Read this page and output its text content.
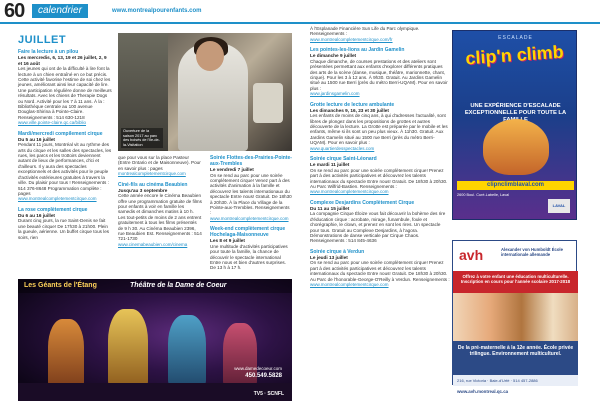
60	calendrier	www.montrealpourenfants.com
JUILLET
Faire la lecture à un pilou
Les mercredis, 6, 13, 19 et 26 juillet, 2, 9 et 16 août
Les jeunes qui ont de la difficulté à lire font la lecture à un chien entraîné en ce but précis. Cette activité favorise l'estime de soi chez les jeunes, améliorant ainsi leur capacité de lire. Une participation régulière donne de meilleurs résultats. Avec les chiens de Therapie Dogs ou Nord. Activité pour les 7 à 11 ans. À la : Bibliothèque centrale au 100 avenue Douglas-Shirina à Pointe-Claire. Renseignements : 514 630-1218
www.ville.pointe-claire.qc.ca/biblio
Mardi/mercredi compilement cirque
Du 5 au 16 juillet
Pendant 11 jours, Montréal vit au rythme des arts du cirque et les salles des spectacles, les rues, les parcs et les trottoirs deviennent autant de lieux de performances, d'ici et d'ailleurs. Il y aura des spectacles exceptionnels et des activités pour le peuple d'activités extérieures gratuites à travers la ville. Du plaisir pour tous ! Renseignements : 514 376-8648 Programmation complète : pages
www.montrealcompletementcirque.com
La rose complètement cirque
Du 6 au 16 juillet
Durant cinq jours, la rue Saint-Denis se fait une beauté cirque! De 17h30 à 21h00. Plein la gueule, aérienne. Un buffet cirque tous les soirs, rien
Ouverture de la saison 2017 au parc des boisés de l'île-de-la-Visitation
que pour vous sur la place Pasteur (Entre Ontario et de Maisonneuve). Pour en savoir plus : pages
montrealcompletementcirque.com
Ciné-fils au cinéma Beaubien
Jusqu'au 3 septembre
Cette année encore le Cinéma Beaubien offre une programmation gratuite de films pour enfants à voir en famille les samedis et dimanches matins à 10 h. Les tout-petits de moins de 2 ans entrent gratuitement à tous les films présentés de 9 h 30. Au Cinéma Beaubien 2396, rue Beaubien Est. Renseignements : 514 721-1730
www.cinemabeaubien.com/cinema
Soirée Flottes-des-Prairies-Pointe-aux-Trembles
Le vendredi 7 juillet
On se rend au parc pour une soirée complètement cirque! Venez part à des activités d'animation à la famille et découvrez les talents internationaux du spectacle Entre nous! Gratuit. De 18h30 à 20h30. À la Place du Village de la Pointe-aux-Trembles. Renseignements :
www.montrealcompletementcirque.com
Week-end complètement cirque Hochelaga-Maisonneuve
Les 8 et 9 juillet
Une multitude d'activités participatives pour toute la famille, la chance de découvrir le spectacle international Entre nous et bien d'autres surprises. De 13 h à 17 h.
Les Géants de l'Étang	Théâtre de la Dame de Coeur
www.damedecoeur.com
450.549.5828
TV5 · SCNFL
À l'Esplanade Financière Sun Life du Parc olympique. Renseignements :
www.montrealcompletementcirque.com/fr
Les pointes-les-lions au Jardin Gamelin
Le dimanche 9 juillet
Chaque dimanche, de courses prestations et des ateliers sont présentées permettant aux enfants d'explorer différents pratiques des arts de la scène (danse, musique, théâtre, marionnette, chant, cirque). Pour les 3 à 12 ans. À 9h30. Gratuit. Au Jardins Gamelin situé au 1500 rue Berri (près du métro Berri-UQAM). Pour en savoir plus :
www.jardinsgamelin.com
Grotte lecture de lecture ambulante
Les dimanches 9, 16, 23 et 30 juillet
Les enfants de moins de cinq ans, à qui d'adresses l'actualité, sont libres de plongez dans les propositions de grottes et autres découverte de la lecture. La Grotte est préparée par le mobile et les enfants, même si ils sont un peu plus vieux. À 11h30. Gratuit. Aux Jardins Gamelin situé au 1500 rue Berri (près du métro Berri-UQAM). Pour en savoir plus :
www.quartierdesspectacles.com
Soirée cirque Saint-Léonard
Le mardi 11 juillet
On se rend au parc pour une soirée complètement cirque! Prenez part à des activités participatives et découvrez les talents internationaux du spectacle Entre nous! Gratuit. De 18h30 à 20h30. Au Parc Wilfrid-Bastien. Renseignements :
www.montrealcompletementcirque.com
Complexe Desjardins Complètement Cirque
Du 11 au 15 juillet
La compagnie Cirque Éloize vous fait découvrir la bohème des rire d'éducation cirque : acrobate, mirage, funambule, foule et chorégraphie, le clown, et prenez en sont les rires. Un spectacle pour tous. Gratuit au Complexe Desjardins, à l'agora. Démonstrations de danse verticale par Cirque Chaos. Renseignements : 514 845-4636
Soirée cirque à Verdun
Le jeudi 13 juillet
On se rend au parc pour une soirée complètement cirque! Prenez part à des activités participatives et découvrez les talents internationaux du spectacle Entre nous! Gratuit. De 18h30 à 20h30. Au Parc de l'honorable-George-O'Reilly à Verdun. Renseignements :
www.montrealcompletementcirque.com
ESCALADE
clip'n climb
UNE EXPÉRIENCE D'ESCALADE EXCEPTIONNELLE POUR TOUTE LA
clipnclimblaval.com
2600 Boul. Curé-Labelle, Laval
LAVAL
avh	Alexander von Humboldt École internationale allemande
Offrez à votre enfant une éducation multiculturelle. Inscription en cours pour l'année scolaire 2017-2018
De la pré-maternelle à la 12e année. École privée trilingue. Environnement multiculturel.
216, rue Victoria · Baie-d'Urfé · 514 457-2886 www.avh.montreal.qc.ca
